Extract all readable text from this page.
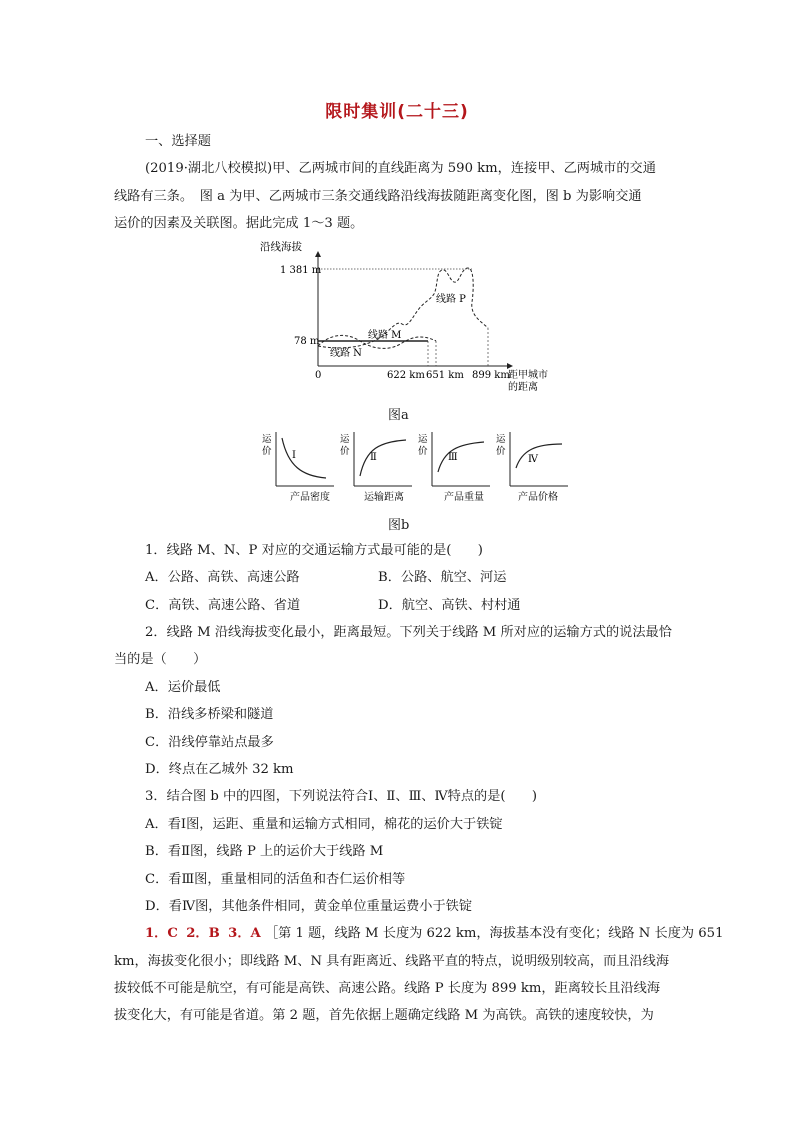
限时集训(二十三)
一、选择题
(2019·湖北八校模拟)甲、乙两城市间的直线距离为 590 km，连接甲、乙两城市的交通
线路有三条。　图 a 为甲、乙两城市三条交通线路沿线海拔随距离变化图，图 b 为影响交通
运价的因素及关联图。据此完成 1～3 题。
沿线海拔
1 381 m
78 m
0	622 km 651 km 899 km
距甲城市
的距离
线路 M
线路 N
线路 P
图a
Ⅰ
运
价
产品密度
Ⅱ
运
价
运输距离
Ⅲ
运
价
产品重量
Ⅳ
运
价
产品价格
图b
1．线路 M、N、P 对应的交通运输方式最可能的是(　　)
A．公路、高铁、高速公路	B．公路、航空、河运
C．高铁、高速公路、省道	D．航空、高铁、村村通
2．线路 M 沿线海拔变化最小，距离最短。下列关于线路 M 所对应的运输方式的说法最恰
当的是（　　）
A．运价最低
B．沿线多桥梁和隧道
C．沿线停靠站点最多
D．终点在乙城外 32 km
3．结合图 b 中的四图，下列说法符合Ⅰ、Ⅱ、Ⅲ、Ⅳ特点的是(　　)
A．看Ⅰ图，运距、重量和运输方式相同，棉花的运价大于铁锭
B．看Ⅱ图，线路 P 上的运价大于线路 M
C．看Ⅲ图，重量相同的活鱼和杏仁运价相等
D．看Ⅳ图，其他条件相同，黄金单位重量运费小于铁锭
1．C 2．B 3．A ［第 1 题，线路 M 长度为 622 km，海拔基本没有变化；线路 N 长度为 651
km，海拔变化很小；即线路 M、N 具有距离近、线路平直的特点，说明级别较高，而且沿线海
拔较低不可能是航空，有可能是高铁、高速公路。线路 P 长度为 899 km，距离较长且沿线海
拔变化大，有可能是省道。第 2 题，首先依据上题确定线路 M 为高铁。高铁的速度较快，为
